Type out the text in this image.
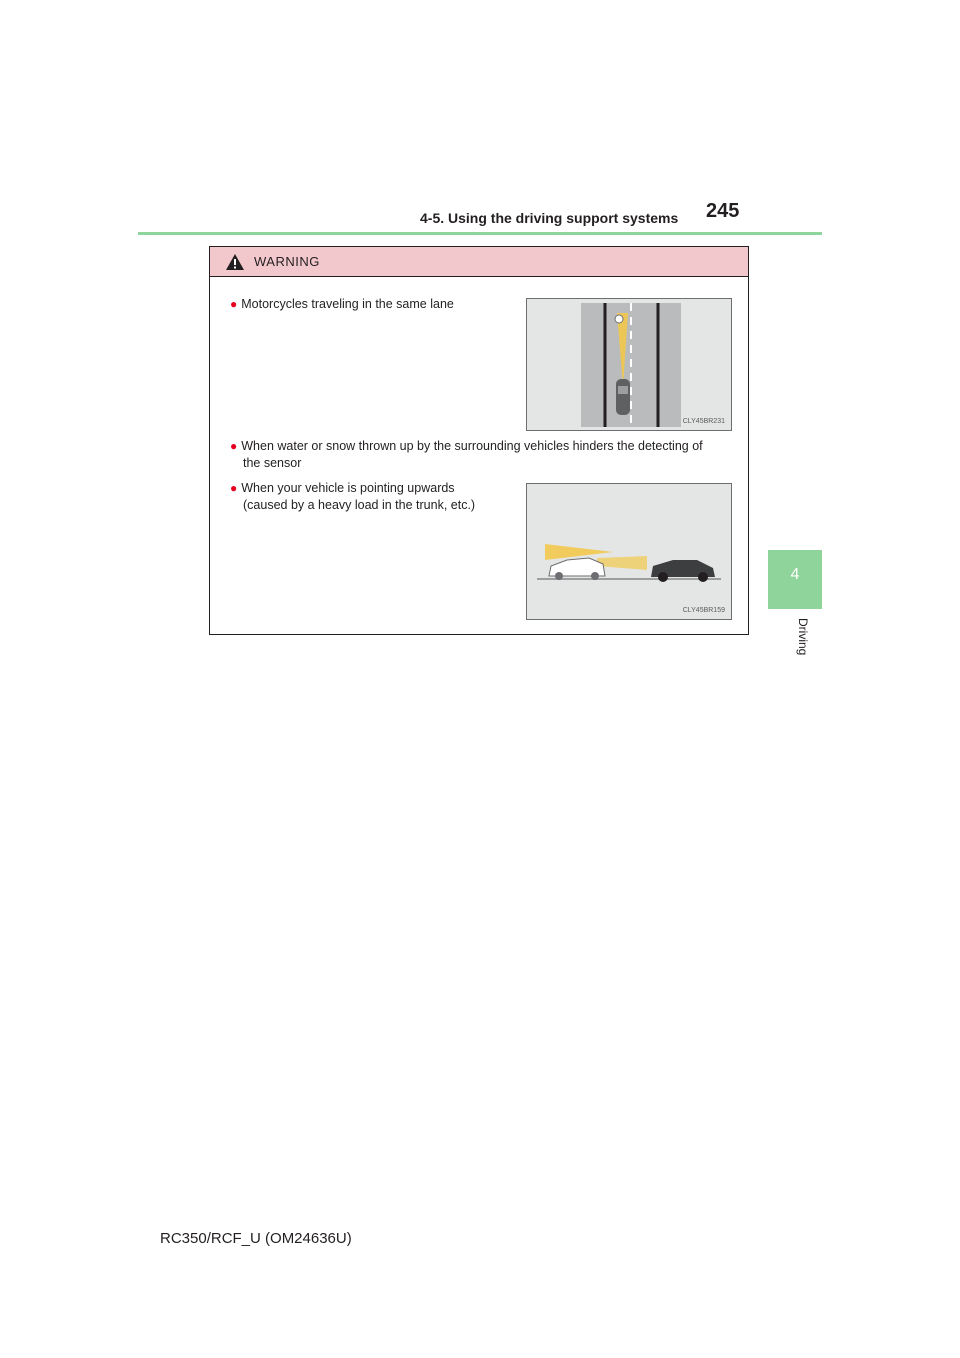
4-5. Using the driving support systems 245
4
Driving
WARNING
● Motorcycles traveling in the same lane
CLY45BR231
● When water or snow thrown up by the surrounding vehicles hinders the detecting of
the sensor
● When your vehicle is pointing upwards
(caused by a heavy load in the trunk, etc.)
CLY45BR159
RC350/RCF_U (OM24636U)
